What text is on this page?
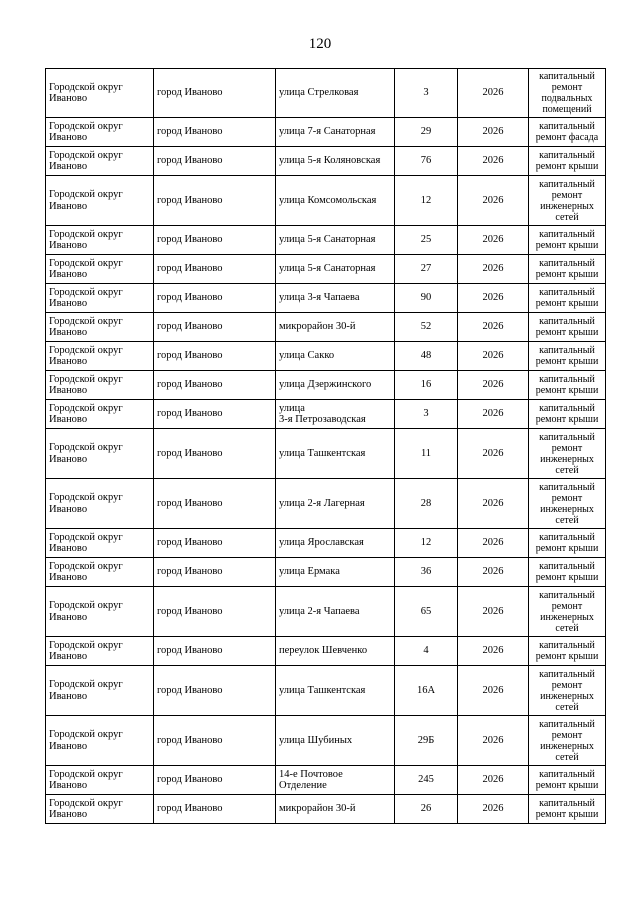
120
Городской округ
Иваново	город Иваново	улица Стрелковая	3	2026	капитальный
ремонт
подвальных
помещений
Городской округ
Иваново	город Иваново	улица 7-я Санаторная	29	2026	капитальный
ремонт фасада
Городской округ
Иваново	город Иваново	улица 5-я Коляновская	76	2026	капитальный
ремонт крыши
Городской округ
Иваново	город Иваново	улица Комсомольская	12	2026	капитальный
ремонт
инженерных
сетей
Городской округ
Иваново	город Иваново	улица 5-я Санаторная	25	2026	капитальный
ремонт крыши
Городской округ
Иваново	город Иваново	улица 5-я Санаторная	27	2026	капитальный
ремонт крыши
Городской округ
Иваново	город Иваново	улица 3-я Чапаева	90	2026	капитальный
ремонт крыши
Городской округ
Иваново	город Иваново	микрорайон 30-й	52	2026	капитальный
ремонт крыши
Городской округ
Иваново	город Иваново	улица Сакко	48	2026	капитальный
ремонт крыши
Городской округ
Иваново	город Иваново	улица Дзержинского	16	2026	капитальный
ремонт крыши
Городской округ
Иваново	город Иваново	улица
3-я Петрозаводская	3	2026	капитальный
ремонт крыши
Городской округ
Иваново	город Иваново	улица Ташкентская	11	2026	капитальный
ремонт
инженерных
сетей
Городской округ
Иваново	город Иваново	улица 2-я Лагерная	28	2026	капитальный
ремонт
инженерных
сетей
Городской округ
Иваново	город Иваново	улица Ярославская	12	2026	капитальный
ремонт крыши
Городской округ
Иваново	город Иваново	улица Ермака	36	2026	капитальный
ремонт крыши
Городской округ
Иваново	город Иваново	улица 2-я Чапаева	65	2026	капитальный
ремонт
инженерных
сетей
Городской округ
Иваново	город Иваново	переулок Шевченко	4	2026	капитальный
ремонт крыши
Городской округ
Иваново	город Иваново	улица Ташкентская	16А	2026	капитальный
ремонт
инженерных
сетей
Городской округ
Иваново	город Иваново	улица Шубиных	29Б	2026	капитальный
ремонт
инженерных
сетей
Городской округ
Иваново	город Иваново	14-е Почтовое
Отделение	245	2026	капитальный
ремонт крыши
Городской округ
Иваново	город Иваново	микрорайон 30-й	26	2026	капитальный
ремонт крыши
